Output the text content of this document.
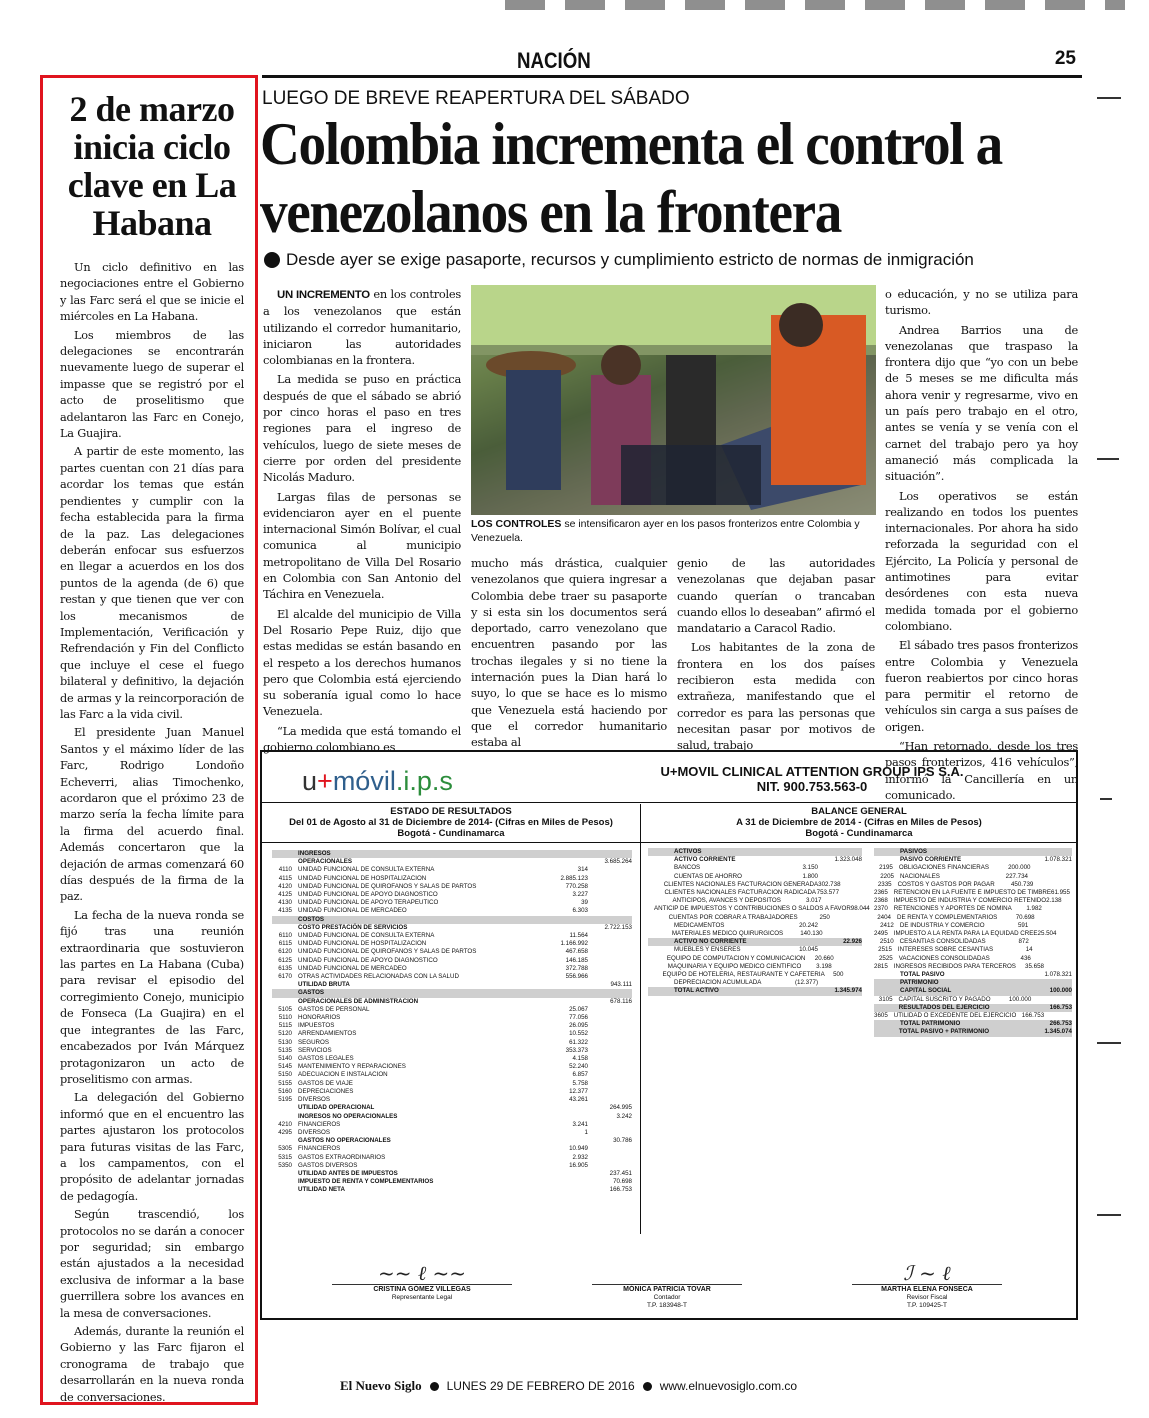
NACIÓN	25
2 de marzo inicia ciclo clave en La Habana

Un ciclo definitivo en las negociaciones entre el Gobierno y las Farc será el que se inicie el miércoles en La Habana.

Los miembros de las delegaciones se encontrarán nuevamente luego de superar el impasse que se registró por el acto de proselitismo que adelantaron las Farc en Conejo, La Guajira.

A partir de este momento, las partes cuentan con 21 días para acordar los temas que están pendientes y cumplir con la fecha establecida para la firma de la paz. Las delegaciones deberán enfocar sus esfuerzos en llegar a acuerdos en los dos puntos de la agenda (de 6) que restan y que tienen que ver con los mecanismos de Implementación, Verificación y Refrendación y Fin del Conflicto que incluye el cese el fuego bilateral y definitivo, la dejación de armas y la reincorporación de las Farc a la vida civil.

El presidente Juan Manuel Santos y el máximo líder de las Farc, Rodrigo Londoño Echeverri, alias Timochenko, acordaron que el próximo 23 de marzo sería la fecha límite para la firma del acuerdo final. Además concertaron que la dejación de armas comenzará 60 días después de la firma de la paz.

La fecha de la nueva ronda se fijó tras una reunión extraordinaria que sostuvieron las partes en La Habana (Cuba) para revisar el episodio del corregimiento Conejo, municipio de Fonseca (La Guajira) en el que integrantes de las Farc, encabezados por Iván Márquez protagonizaron un acto de proselitismo con armas.

La delegación del Gobierno informó que en el encuentro las partes ajustaron los protocolos para futuras visitas de las Farc, a los campamentos, con el propósito de adelantar jornadas de pedagogía.

Según trascendió, los protocolos no se darán a conocer por seguridad; sin embargo están ajustados a la necesidad exclusiva de informar a la base guerrillera sobre los avances en la mesa de conversaciones.

Además, durante la reunión el Gobierno y las Farc fijaron el cronograma de trabajo que desarrollarán en la nueva ronda de conversaciones.

LUEGO DE BREVE REAPERTURA DEL SÁBADO
Colombia incrementa el control a venezolanos en la frontera
Desde ayer se exige pasaporte, recursos y cumplimiento estricto de normas de inmigración

UN INCREMENTO en los controles a los venezolanos que están utilizando el corredor humanitario, iniciaron las autoridades colombianas en la frontera.

La medida se puso en práctica después de que el sábado se abrió por cinco horas el paso en tres regiones para el ingreso de vehículos, luego de siete meses de cierre por orden del presidente Nicolás Maduro.

Largas filas de personas se evidenciaron ayer en el puente internacional Simón Bolívar, el cual comunica al municipio metropolitano de Villa Del Rosario en Colombia con San Antonio del Táchira en Venezuela.

El alcalde del municipio de Villa Del Rosario Pepe Ruiz, dijo que estas medidas se están basando en el respeto a los derechos humanos pero que Colombia está ejerciendo su soberanía igual como lo hace Venezuela.

“La medida que está tomando el gobierno colombiano es

LOS CONTROLES se intensificaron ayer en los pasos fronterizos entre Colombia y Venezuela.

mucho más drástica, cualquier venezolanos que quiera ingresar a Colombia debe traer su pasaporte y si esta sin los documentos será deportado, carro venezolano que encuentren pasando por las trochas ilegales y si no tiene la internación pues la Dian hará lo suyo, lo que se hace es lo mismo que Venezuela está haciendo por que el corredor humanitario estaba al

genio de las autoridades venezolanas que dejaban pasar cuando querían o trancaban cuando ellos lo deseaban” afirmó el mandatario a Caracol Radio.

Los habitantes de la zona de frontera en los dos países recibieron esta medida con extrañeza, manifestando que el corredor es para las personas que necesitan pasar por motivos de salud, trabajo

o educación, y no se utiliza para turismo.

Andrea Barrios una de venezolanas que traspaso la frontera dijo que “yo con un bebe de 5 meses se me dificulta más ahora venir y regresarme, vivo en un país pero trabajo en el otro, antes se venía y se venía con el carnet del trabajo pero ya hoy amaneció más complicada la situación”.

Los operativos se están realizando en todos los puentes internacionales. Por ahora ha sido reforzada la seguridad con el Ejército, La Policía y personal de antimotines para evitar desórdenes con esta nueva medida tomada por el gobierno colombiano.

El sábado tres pasos fronterizos entre Colombia y Venezuela fueron reabiertos por cinco horas para permitir el retorno de vehículos sin carga a sus países de origen.

“Han retornado, desde los tres pasos fronterizos, 416 vehículos”, informó la Cancillería en un comunicado.

u+móvil.i.p.s	U+MOVIL CLINICAL ATTENTION GROUP IPS S.A.
NIT. 900.753.563-0
ESTADO DE RESULTADOS
Del 01 de Agosto al 31 de Diciembre de 2014- (Cifras en Miles de Pesos)
Bogotá - Cundinamarca
BALANCE GENERAL
A 31 de Diciembre de 2014 - (Cifras en Miles de Pesos)
Bogotá - Cundinamarca
INGRESOS
OPERACIONALES	3.685.264
4110 UNIDAD FUNCIONAL DE CONSULTA EXTERNA	314
4115 UNIDAD FUNCIONAL DE HOSPITALIZACION	2.885.123
4120 UNIDAD FUNCIONAL DE QUIROFANOS Y SALAS DE PARTOS	770.258
4125 UNIDAD FUNCIONAL DE APOYO DIAGNOSTICO	3.227
4130 UNIDAD FUNCIONAL DE APOYO TERAPEUTICO	39
4135 UNIDAD FUNCIONAL DE MERCADEO	6.303
COSTOS
COSTO PRESTACIÓN DE SERVICIOS	2.722.153
6110 UNIDAD FUNCIONAL DE CONSULTA EXTERNA	11.564
6115 UNIDAD FUNCIONAL DE HOSPITALIZACION	1.166.992
6120 UNIDAD FUNCIONAL DE QUIROFANOS Y SALAS DE PARTOS	467.658
6125 UNIDAD FUNCIONAL DE APOYO DIAGNOSTICO	146.185
6135 UNIDAD FUNCIONAL DE MERCADEO	372.788
6170 OTRAS ACTIVIDADES RELACIONADAS CON LA SALUD	556.966
UTILIDAD BRUTA	943.111
GASTOS
OPERACIONALES DE ADMINISTRACION	678.116
5105 GASTOS DE PERSONAL	25.067
5110 HONORARIOS	77.056
5115 IMPUESTOS	26.095
5120 ARRENDAMIENTOS	10.552
5130 SEGUROS	61.322
5135 SERVICIOS	353.373
5140 GASTOS LEGALES	4.158
5145 MANTENIMIENTO Y REPARACIONES	52.240
5150 ADECUACION E INSTALACION	6.857
5155 GASTOS DE VIAJE	5.758
5160 DEPRECIACIONES	12.377
5195 DIVERSOS	43.261
UTILIDAD OPERACIONAL	264.995
INGRESOS NO OPERACIONALES	3.242
4210 FINANCIEROS	3.241
4295 DIVERSOS	1
GASTOS NO OPERACIONALES	30.786
5305 FINANCIEROS	10.949
5315 GASTOS EXTRAORDINARIOS	2.932
5350 GASTOS DIVERSOS	16.905
UTILIDAD ANTES DE IMPUESTOS	237.451
IMPUESTO DE RENTA Y COMPLEMENTARIOS	70.698
UTILIDAD NETA	166.753
ACTIVOS
ACTIVO CORRIENTE	1.323.048
BANCOS	3.150
CUENTAS DE AHORRO	1.800
CLIENTES NACIONALES FACTURACION GENERADA 302.738
CLIENTES NACIONALES FACTURACION RADICADA 753.577
ANTICIPOS, AVANCES Y DEPOSITOS	3.017
ANTICIP DE IMPUESTOS Y CONTRIBUCIONES O SALDOS A FAVOR 98.044
CUENTAS POR COBRAR A TRABAJADORES	250
MEDICAMENTOS	20.242
MATERIALES MEDICO QUIRURGICOS	140.130
ACTIVO NO CORRIENTE	22.926
MUEBLES Y ENSERES	10.045
EQUIPO DE COMPUTACION Y COMUNICACION	20.660
MAQUINARIA Y EQUIPO MEDICO CIENTIFICO	3.198
EQUIPO DE HOTELERIA, RESTAURANTE Y CAFETERIA	500
DEPRECIACION ACUMULADA	(12.377)
TOTAL ACTIVO	1.345.974
PASIVOS
PASIVO CORRIENTE	1.078.321
2195 OBLIGACIONES FINANCIERAS	200.000
2205 NACIONALES	227.734
2335 COSTOS Y GASTOS POR PAGAR	450.739
2365 RETENCION EN LA FUENTE E IMPUESTO DE TIMBRE 61.955
2368 IMPUESTO DE INDUSTRIA Y COMERCIO RETENIDO 2.138
2370 RETENCIONES Y APORTES DE NOMINA	1.982
2404 DE RENTA Y COMPLEMENTARIOS	70.698
2412 DE INDUSTRIA Y COMERCIO	591
2495 IMPUESTO A LA RENTA PARA LA EQUIDAD CREE 25.504
2510 CESANTIAS CONSOLIDADAS	872
2515 INTERESES SOBRE CESANTIAS	14
2525 VACACIONES CONSOLIDADAS	436
2815 INGRESOS RECIBIDOS PARA TERCEROS	35.658
TOTAL PASIVO	1.078.321
PATRIMONIO
CAPITAL SOCIAL	100.000
3105 CAPITAL SUSCRITO Y PAGADO	100.000
RESULTADOS DEL EJERCICIO	166.753
3605 UTILIDAD O EXCEDENTE DEL EJERCICIO 166.753
TOTAL PATRIMONIO	266.753
TOTAL PASIVO + PATRIMONIO	1.345.074
~~ ℓ ~~
CRISTINA GÓMEZ VILLEGAS
Representante Legal

MÓNICA PATRICIA TOVAR
Contador
T.P. 183948-T
ℐ ~ ℓ
MARTHA ELENA FONSECA
Revisor Fiscal
T.P. 109425-T
El Nuevo Siglo LUNES 29 DE FEBRERO DE 2016 www.elnuevosiglo.com.co
